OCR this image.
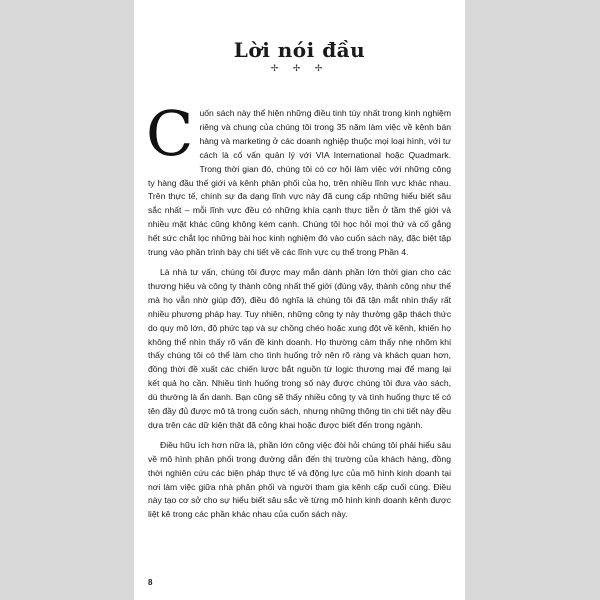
Lời nói đầu
✢ ✢ ✢

Cuốn sách này thể hiện những điều tinh túy nhất trong kinh nghiệm riêng và chung của chúng tôi trong 35 năm làm việc về kênh bán hàng và marketing ở các doanh nghiệp thuộc mọi loại hình, với tư cách là cố vấn quản lý với VIA International hoặc Quadmark. Trong thời gian đó, chúng tôi có cơ hội làm việc với những công ty hàng đầu thế giới và kênh phân phối của họ, trên nhiều lĩnh vực khác nhau. Trên thực tế, chính sự đa dạng lĩnh vực này đã cung cấp những hiểu biết sâu sắc nhất – mỗi lĩnh vực đều có những khía cạnh thực tiễn ở tầm thế giới và nhiều mặt khác cũng không kém cạnh. Chúng tôi học hỏi mọi thứ và cố gắng hết sức chắt lọc những bài học kinh nghiệm đó vào cuốn sách này, đặc biệt tập trung vào phần trình bày chi tiết về các lĩnh vực cụ thể trong Phần 4.

Là nhà tư vấn, chúng tôi được may mắn dành phần lớn thời gian cho các thương hiệu và công ty thành công nhất thế giới (đúng vậy, thành công như thế mà họ vẫn nhờ giúp đỡ), điều đó nghĩa là chúng tôi đã tận mắt nhìn thấy rất nhiều phương pháp hay. Tuy nhiên, những công ty này thường gặp thách thức do quy mô lớn, độ phức tạp và sự chồng chéo hoặc xung đột về kênh, khiến họ không thể nhìn thấy rõ vấn đề kinh doanh. Họ thường cảm thấy nhẹ nhõm khi thấy chúng tôi có thể làm cho tình huống trở nên rõ ràng và khách quan hơn, đồng thời đề xuất các chiến lược bắt nguồn từ logic thương mại để mang lại kết quả họ cần. Nhiều tình huống trong số này được chúng tôi đưa vào sách, dù thường là ẩn danh. Bạn cũng sẽ thấy nhiều công ty và tình huống thực tế có tên đầy đủ được mô tả trong cuốn sách, nhưng những thông tin chi tiết này đều dựa trên các dữ kiện thật đã công khai hoặc được biết đến trong ngành.

Điều hữu ích hơn nữa là, phần lớn công việc đòi hỏi chúng tôi phải hiểu sâu về mô hình phân phối trong đường dẫn đến thị trường của khách hàng, đồng thời nghiên cứu các biện pháp thực tế và động lực của mô hình kinh doanh tại nơi làm việc giữa nhà phân phối và người tham gia kênh cấp cuối cùng. Điều này tạo cơ sở cho sự hiểu biết sâu sắc về từng mô hình kinh doanh kênh được liệt kê trong các phần khác nhau của cuốn sách này.

8
